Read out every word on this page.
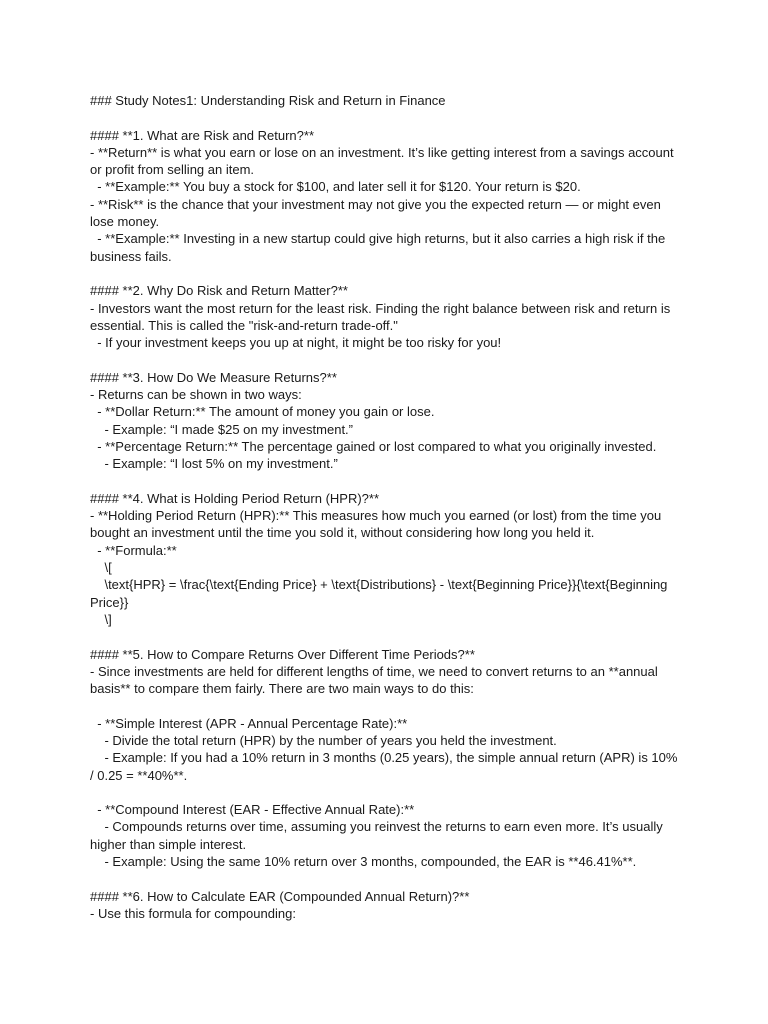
### Study Notes1: Understanding Risk and Return in Finance
#### **1. What are Risk and Return?**
- **Return** is what you earn or lose on an investment. It’s like getting interest from a savings account or profit from selling an item.
- **Example:** You buy a stock for $100, and later sell it for $120. Your return is $20.
- **Risk** is the chance that your investment may not give you the expected return — or might even lose money.
- **Example:** Investing in a new startup could give high returns, but it also carries a high risk if the business fails.
#### **2. Why Do Risk and Return Matter?**
- Investors want the most return for the least risk. Finding the right balance between risk and return is essential. This is called the "risk-and-return trade-off."
- If your investment keeps you up at night, it might be too risky for you!
#### **3. How Do We Measure Returns?**
- Returns can be shown in two ways:
- **Dollar Return:** The amount of money you gain or lose.
- Example: “I made $25 on my investment.”
- **Percentage Return:** The percentage gained or lost compared to what you originally invested.
- Example: “I lost 5% on my investment.”
#### **4. What is Holding Period Return (HPR)?**
- **Holding Period Return (HPR):** This measures how much you earned (or lost) from the time you bought an investment until the time you sold it, without considering how long you held it.
- **Formula:**
\[
\text{HPR} = \frac{\text{Ending Price} + \text{Distributions} - \text{Beginning Price}}{\text{Beginning Price}}
\]
#### **5. How to Compare Returns Over Different Time Periods?**
- Since investments are held for different lengths of time, we need to convert returns to an **annual basis** to compare them fairly. There are two main ways to do this:
- **Simple Interest (APR - Annual Percentage Rate):**
- Divide the total return (HPR) by the number of years you held the investment.
- Example: If you had a 10% return in 3 months (0.25 years), the simple annual return (APR) is 10% / 0.25 = **40%**.
- **Compound Interest (EAR - Effective Annual Rate):**
- Compounds returns over time, assuming you reinvest the returns to earn even more. It’s usually higher than simple interest.
- Example: Using the same 10% return over 3 months, compounded, the EAR is **46.41%**.
#### **6. How to Calculate EAR (Compounded Annual Return)?**
- Use this formula for compounding:
